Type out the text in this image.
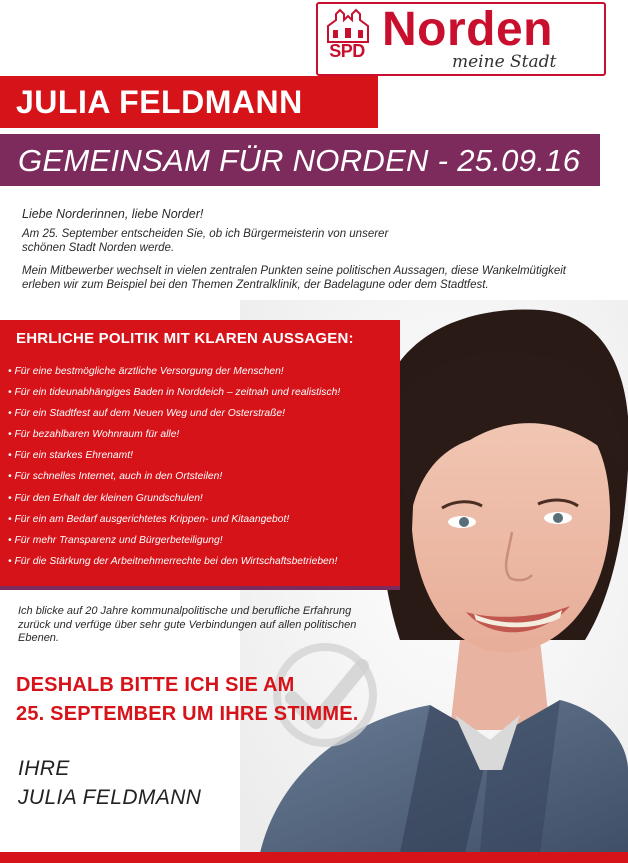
SPD Norden
meine Stadt
JULIA FELDMANN
GEMEINSAM FÜR NORDEN - 25.09.16
Liebe Norderinnen, liebe Norder!
Am 25. September entscheiden Sie, ob ich Bürgermeisterin von unserer schönen Stadt Norden werde.
Mein Mitbewerber wechselt in vielen zentralen Punkten seine politischen Aussagen, diese Wankelmütigkeit erleben wir zum Beispiel bei den Themen Zentralklinik, der Badelagune oder dem Stadtfest.
EHRLICHE POLITIK MIT KLAREN AUSSAGEN:
• Für eine bestmögliche ärztliche Versorgung der Menschen!
• Für ein tideunabhängiges Baden in Norddeich – zeitnah und realistisch!
• Für ein Stadtfest auf dem Neuen Weg und der Osterstraße!
• Für bezahlbaren Wohnraum für alle!
• Für ein starkes Ehrenamt!
• Für schnelles Internet, auch in den Ortsteilen!
• Für den Erhalt der kleinen Grundschulen!
• Für ein am Bedarf ausgerichtetes Krippen- und Kitaangebot!
• Für mehr Transparenz und Bürgerbeteiligung!
• Für die Stärkung der Arbeitnehmerrechte bei den Wirtschaftsbetrieben!
Ich blicke auf 20 Jahre kommunalpolitische und berufliche Erfahrung zurück und verfüge über sehr gute Verbindungen auf allen politischen Ebenen.
DESHALB BITTE ICH SIE AM
25. SEPTEMBER UM IHRE STIMME.
IHRE
JULIA FELDMANN
